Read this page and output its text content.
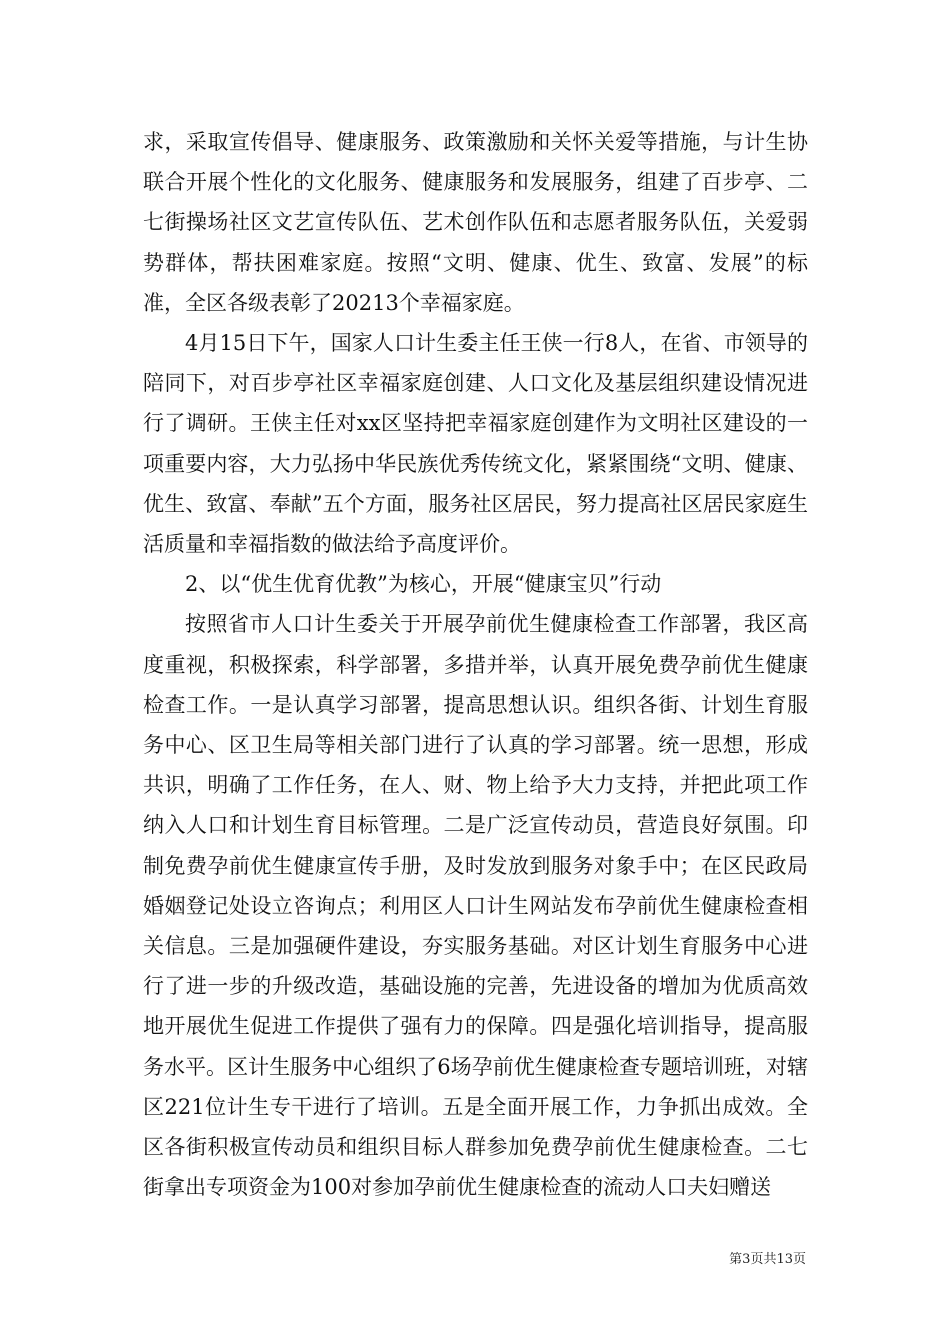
求，采取宣传倡导、健康服务、政策激励和关怀关爱等措施，与计生协联合开展个性化的文化服务、健康服务和发展服务，组建了百步亭、二七街操场社区文艺宣传队伍、艺术创作队伍和志愿者服务队伍，关爱弱势群体，帮扶困难家庭。按照“文明、健康、优生、致富、发展”的标准，全区各级表彰了20213个幸福家庭。

4月15日下午，国家人口计生委主任王侠一行8人，在省、市领导的陪同下，对百步亭社区幸福家庭创建、人口文化及基层组织建设情况进行了调研。王侠主任对xx区坚持把幸福家庭创建作为文明社区建设的一项重要内容，大力弘扬中华民族优秀传统文化，紧紧围绕“文明、健康、优生、致富、奉献”五个方面，服务社区居民，努力提高社区居民家庭生活质量和幸福指数的做法给予高度评价。

2、以“优生优育优教”为核心，开展“健康宝贝”行动

按照省市人口计生委关于开展孕前优生健康检查工作部署，我区高度重视，积极探索，科学部署，多措并举，认真开展免费孕前优生健康检查工作。一是认真学习部署，提高思想认识。组织各街、计划生育服务中心、区卫生局等相关部门进行了认真的学习部署。统一思想，形成共识，明确了工作任务，在人、财、物上给予大力支持，并把此项工作纳入人口和计划生育目标管理。二是广泛宣传动员，营造良好氛围。印制免费孕前优生健康宣传手册，及时发放到服务对象手中；在区民政局婚姻登记处设立咨询点；利用区人口计生网站发布孕前优生健康检查相关信息。三是加强硬件建设，夯实服务基础。对区计划生育服务中心进行了进一步的升级改造，基础设施的完善，先进设备的增加为优质高效地开展优生促进工作提供了强有力的保障。四是强化培训指导，提高服务水平。区计生服务中心组织了6场孕前优生健康检查专题培训班，对辖区221位计生专干进行了培训。五是全面开展工作，力争抓出成效。全区各街积极宣传动员和组织目标人群参加免费孕前优生健康检查。二七街拿出专项资金为100对参加孕前优生健康检查的流动人口夫妇赠送

第3页共13页
